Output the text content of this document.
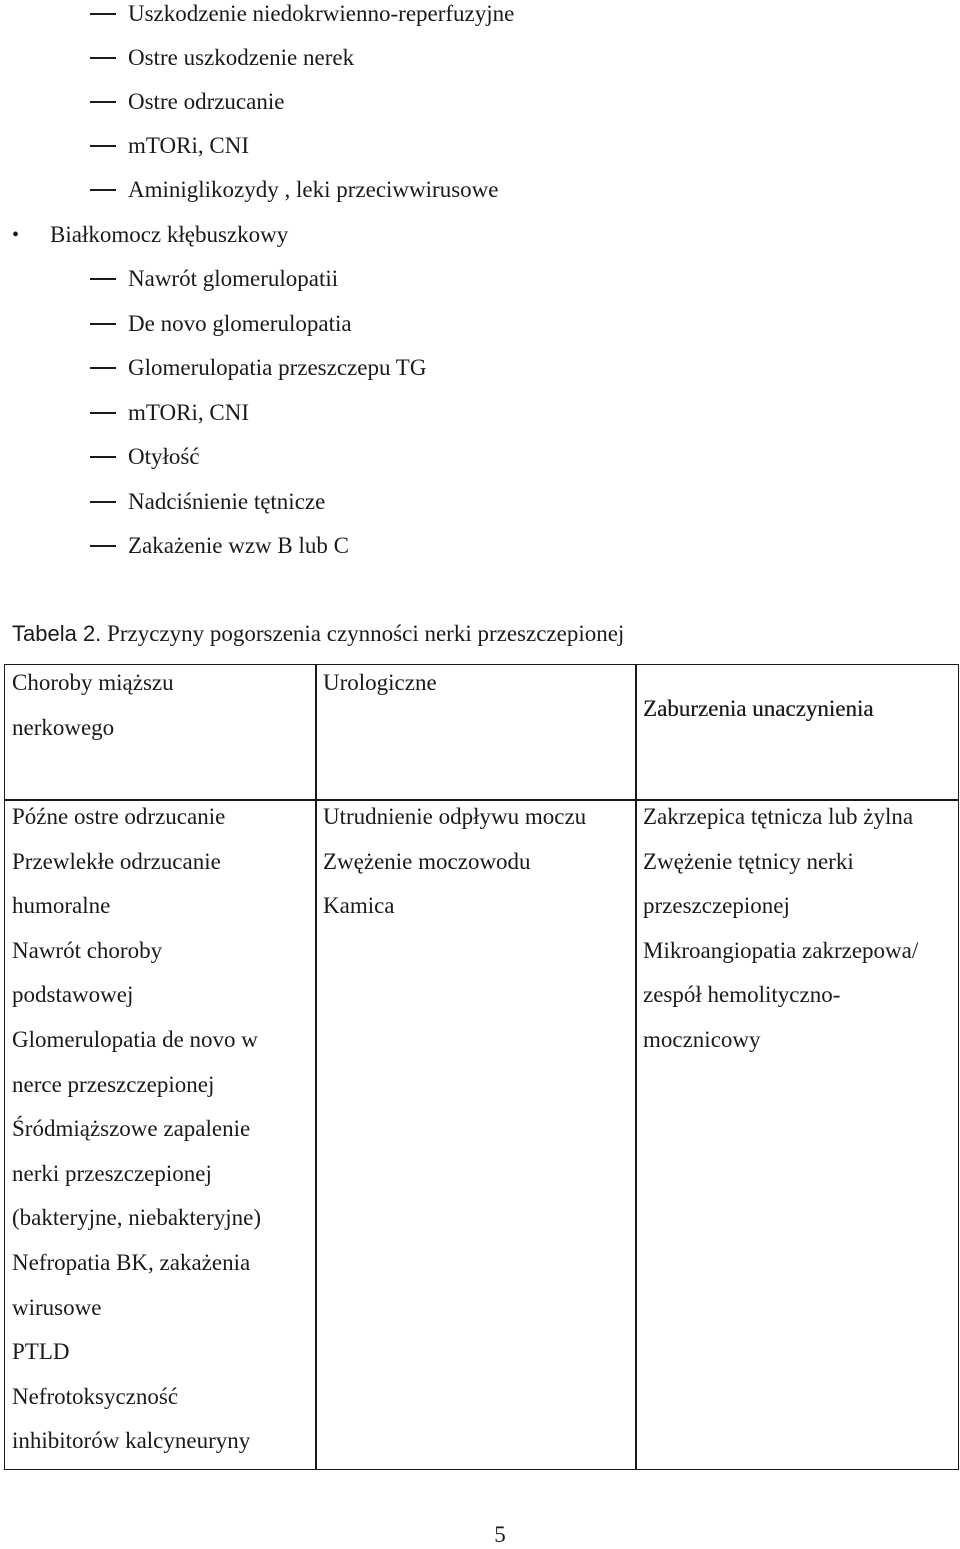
Uszkodzenie niedokrwienno-reperfuzyjne
Ostre uszkodzenie nerek
Ostre odrzucanie
mTORi, CNI
Aminiglikozydy , leki przeciwwirusowe
• Białkomocz kłębuszkowy
Nawrót glomerulopatii
De novo glomerulopatia
Glomerulopatia przeszczepu TG
mTORi, CNI
Otyłość
Nadciśnienie tętnicze
Zakażenie wzw B lub C
Tabela 2. Przyczyny pogorszenia czynności nerki przeszczepionej
Choroby miąższu
nerkowego
Urologiczne
Zaburzenia unaczynienia
Późne ostre odrzucanie
Przewlekłe odrzucanie
humoralne
Nawrót choroby
podstawowej
Glomerulopatia de novo w
nerce przeszczepionej
Śródmiąższowe zapalenie
nerki przeszczepionej
(bakteryjne, niebakteryjne)
Nefropatia BK, zakażenia
wirusowe
PTLD
Nefrotoksyczność
inhibitorów kalcyneuryny
Utrudnienie odpływu moczu
Zwężenie moczowodu
Kamica
Zakrzepica tętnicza lub żylna
Zwężenie tętnicy nerki
przeszczepionej
Mikroangiopatia zakrzepowa/
zespół hemolityczno-
mocznicowy
5
